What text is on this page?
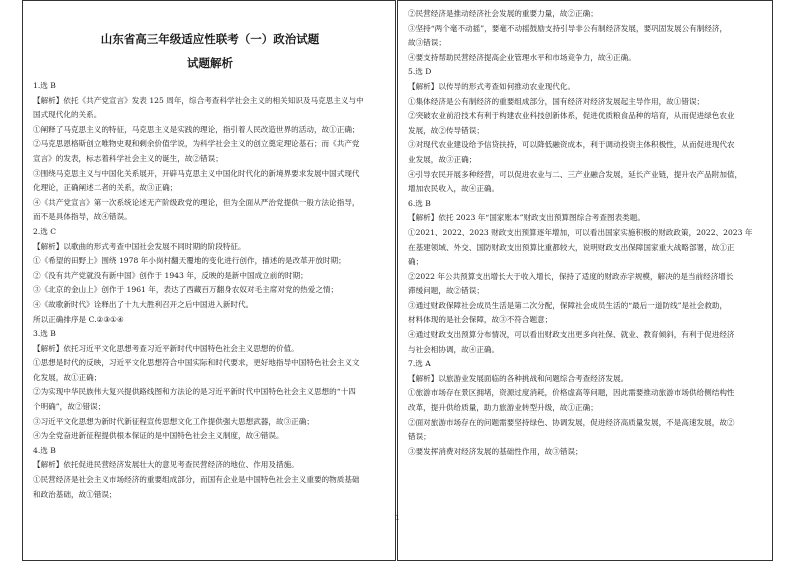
山东省高三年级适应性联考（一）政治试题
试题解析
1.选 B
【解析】依托《共产党宣言》发表 125 周年，综合考查科学社会主义的相关知识及马克思主义与中
国式现代化的关系。
①阐释了马克思主义的特征，马克思主义是实践的理论，指引着人民改造世界的活动，故①正确；
②马克思恩格斯创立唯物史观和剩余价值学说，为科学社会主义的创立奠定理论基石；而《共产党
宣言》的发表，标志着科学社会主义的诞生，故②错误；
③围绕马克思主义与中国化关系展开，开辟马克思主义中国化时代化的新境界要求发展中国式现代
化理论，正确阐述二者的关系，故③正确；
④《共产党宣言》第一次系统论述无产阶级政党的理论，但为全面从严治党提供一般方法论指导，
而不是具体指导，故④错误。
2.选 C
【解析】以歌曲的形式考查中国社会发展不同时期的阶段特征。
①《希望的田野上》围绕 1978 年小岗村翻天覆地的变化进行创作，描述的是改革开放时期；
②《没有共产党就没有新中国》创作于 1943 年，反映的是新中国成立前的时期；
③《北京的金山上》创作于 1961 年，表达了西藏百万翻身农奴对毛主席对党的热爱之情；
④《故歌新时代》诠释出了十九大胜利召开之后中国进入新时代。
所以正确排序是 C.②③①④
3.选 B
【解析】依托习近平文化思想考查习近平新时代中国特色社会主义思想的价值。
①思想是时代的反映，习近平文化思想符合中国实际和时代要求，更好地指导中国特色社会主义文
化发展，故①正确；
②为实现中华民族伟大复兴提供路线图和方法论的是习近平新时代中国特色社会主义思想的“十四
个明确”，故②错误；
③习近平文化思想为新时代新征程宣传思想文化工作提供强大思想武器，故③正确；
④为全党奋进新征程提供根本保证的是中国特色社会主义制度，故④错误。
4.选 B
【解析】依托促进民营经济发展壮大的意见考查民营经济的地位、作用及措施。
①民营经济是社会主义市场经济的重要组成部分，而国有企业是中国特色社会主义重要的物质基础
和政治基础，故①错误；
②民营经济是推动经济社会发展的重要力量，故②正确；
③坚持“两个毫不动摇”，要毫不动摇鼓励支持引导非公有制经济发展，要巩固发展公有制经济，
故③错误；
④要支持帮助民营经济提高企业管理水平和市场竞争力，故④正确。
5.选 D
【解析】以传导的形式考查如何推动农业现代化。
①集体经济是公有制经济的重要组成部分，国有经济对经济发展起主导作用，故①错误；
②突破农业前沿技术有利于构建农业科技创新体系，促进优质粮食品种的培育，从而促进绿色农业
发展，故②传导错误；
③对现代农业建设给予信贷扶持，可以降低融资成本，利于调动投资主体积极性，从而促进现代农
业发展，故③正确；
④引导农民开展多种经营，可以促进农业与二、三产业融合发展，延长产业链，提升农产品附加值，
增加农民收入，故④正确。
6.选 B
【解析】依托 2023 年“国家账本”财政支出预算图综合考查图表类题。
①2021、2022、2023 财政支出预算逐年增加，可以看出国家实施积极的财政政策，2022、2023 年
在基建领域、外交、国防财政支出预算比重都较大，说明财政支出保障国家重大战略部署，故①正
确；
②2022 年公共预算支出增长大于收入增长，保持了适度的财政赤字规模，解决的是当前经济增长
滞缓问题，故②错误；
③通过财政保障社会成员生活是第二次分配，保障社会成员生活的“最后一道防线”是社会救助，
材料体现的是社会保障，故③不符合题意；
④通过财政支出预算分布情况，可以看出财政支出更多向社保、就业、教育倾斜，有利于促进经济
与社会相协调，故④正确。
7.选 A
【解析】以旅游业发展面临的各种挑战和问题综合考查经济发展。
①旅游市场存在景区拥堵，资源过度消耗，价格虚高等问题，因此需要推动旅游市场供给侧结构性
改革，提升供给质量，助力旅游业转型升级，故①正确；
②面对旅游市场存在的问题需要坚持绿色、协调发展，促进经济高质量发展，不是高速发展，故②
错误；
③要发挥消费对经济发展的基础性作用，故③错误；
1
